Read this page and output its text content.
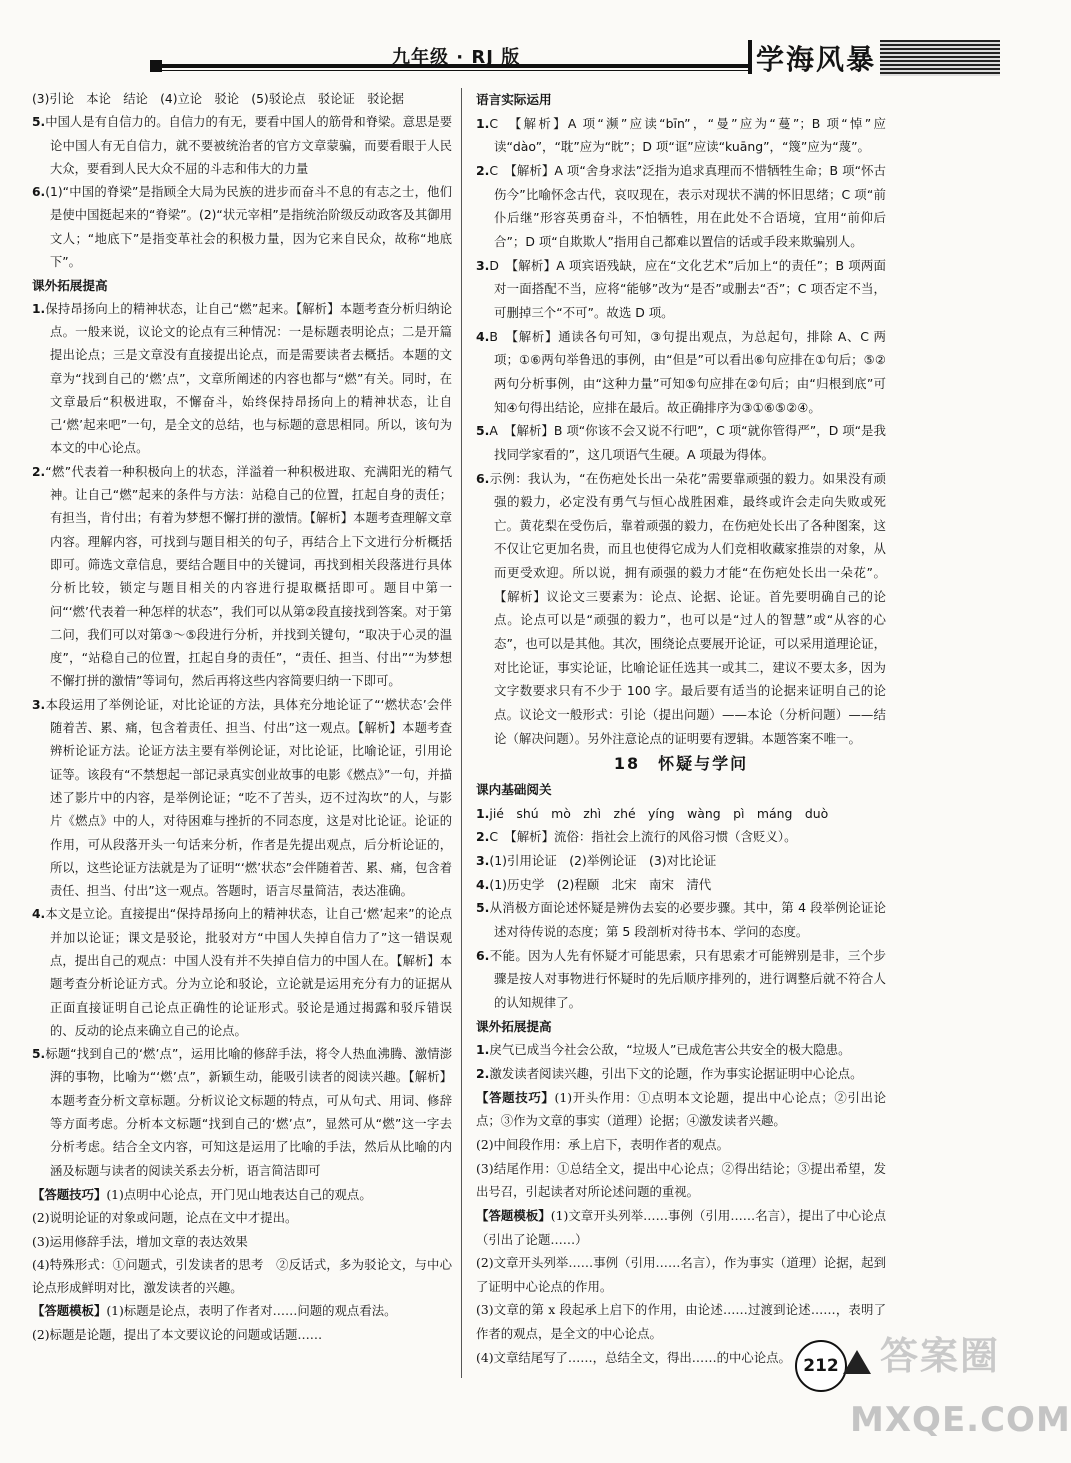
九年级 · RJ 版	学海风暴

(3)引论　本论　结论　(4)立论　驳论　(5)驳论点　驳论证　驳论据

5.中国人是有自信力的。自信力的有无，要看中国人的筋骨和脊梁。意思是要论中国人有无自信力，就不要被统治者的官方文章蒙骗，而要看眼于人民大众，要看到人民大众不屈的斗志和伟大的力量

6.(1)“中国的脊梁”是指顾全大局为民族的进步而奋斗不息的有志之士，他们是使中国挺起来的“脊梁”。(2)“状元宰相”是指统治阶级反动政客及其御用文人；“地底下”是指变革社会的积极力量，因为它来自民众，故称“地底下”。

课外拓展提高

1.保持昂扬向上的精神状态，让自己“燃”起来。【解析】本题考查分析归纳论点。一般来说，议论文的论点有三种情况：一是标题表明论点；二是开篇提出论点；三是文章没有直接提出论点，而是需要读者去概括。本题的文章为“找到自己的‘燃’点”，文章所阐述的内容也都与“燃”有关。同时，在文章最后“积极进取，不懈奋斗，始终保持昂扬向上的精神状态，让自己‘燃’起来吧”一句，是全文的总结，也与标题的意思相同。所以，该句为本文的中心论点。

2.“燃”代表着一种积极向上的状态，洋溢着一种积极进取、充满阳光的精气神。让自己“燃”起来的条件与方法：站稳自己的位置，扛起自身的责任；有担当，肯付出；有着为梦想不懈打拼的激情。【解析】本题考查理解文章内容。理解内容，可找到与题目相关的句子，再结合上下文进行分析概括即可。筛选文章信息，要结合题目中的关键词，再找到相关段落进行具体分析比较，锁定与题目相关的内容进行提取概括即可。题目中第一问“‘燃’代表着一种怎样的状态”，我们可以从第②段直接找到答案。对于第二问，我们可以对第③～⑤段进行分析，并找到关键句，“取决于心灵的温度”，“站稳自己的位置，扛起自身的责任”，“责任、担当、付出”“为梦想不懈打拼的激情”等词句，然后再将这些内容简要归纳一下即可。

3.本段运用了举例论证，对比论证的方法，具体充分地论证了“‘燃状态’会伴随着苦、累、痛，包含着责任、担当、付出”这一观点。【解析】本题考查辨析论证方法。论证方法主要有举例论证，对比论证，比喻论证，引用论证等。该段有“不禁想起一部记录真实创业故事的电影《燃点》”一句，并描述了影片中的内容，是举例论证；“吃不了苦头，迈不过沟坎”的人，与影片《燃点》中的人，对待困难与挫折的不同态度，这是对比论证。论证的作用，可从段落开头一句话来分析，作者是先提出观点，后分析论证的，所以，这些论证方法就是为了证明“‘燃’状态”会伴随着苦、累、痛，包含着责任、担当、付出”这一观点。答题时，语言尽量简洁，表达准确。

4.本文是立论。直接提出“保持昂扬向上的精神状态，让自己‘燃’起来”的论点并加以论证；课文是驳论，批驳对方“中国人失掉自信力了”这一错误观点，提出自己的观点：中国人没有并不失掉自信力的中国人在。【解析】本题考查分析论证方式。分为立论和驳论，立论就是运用充分有力的证据从正面直接证明自己论点正确性的论证形式。驳论是通过揭露和驳斥错误的、反动的论点来确立自己的论点。

5.标题“找到自己的‘燃’点”，运用比喻的修辞手法，将令人热血沸腾、激情澎湃的事物，比喻为“‘燃’点”，新颖生动，能吸引读者的阅读兴趣。【解析】本题考查分析文章标题。分析议论文标题的特点，可从句式、用词、修辞等方面考虑。分析本文标题“找到自己的‘燃’点”，显然可从“燃”这一字去分析考虑。结合全文内容，可知这是运用了比喻的手法，然后从比喻的内涵及标题与读者的阅读关系去分析，语言简洁即可

【答题技巧】(1)点明中心论点，开门见山地表达自己的观点。

(2)说明论证的对象或问题，论点在文中才提出。

(3)运用修辞手法，增加文章的表达效果

(4)特殊形式：①问题式，引发读者的思考　②反话式，多为驳论文，与中心论点形成鲜明对比，激发读者的兴趣。

【答题模板】(1)标题是论点，表明了作者对……问题的观点看法。

(2)标题是论题，提出了本文要议论的问题或话题……

语言实际运用

1.C　【解析】A 项“濒”应读“bīn”，“曼”应为“蔓”；B 项“悼”应读“dào”，“耽”应为“眈”；D 项“诓”应读“kuāng”，“篾”应为“蔑”。

2.C　【解析】A 项“舍身求法”泛指为追求真理而不惜牺牲生命；B 项“怀古伤今”比喻怀念古代，哀叹现在，表示对现状不满的怀旧思绪；C 项“前仆后继”形容英勇奋斗，不怕牺牲，用在此处不合语境，宜用“前仰后合”；D 项“自欺欺人”指用自己都难以置信的话或手段来欺骗别人。

3.D　【解析】A 项宾语残缺，应在“文化艺术”后加上“的责任”；B 项两面对一面搭配不当，应将“能够”改为“是否”或删去“否”；C 项否定不当，可删掉三个“不可”。故选 D 项。

4.B　【解析】通读各句可知，③句提出观点，为总起句，排除 A、C 两项；①⑥两句举鲁迅的事例，由“但是”可以看出⑥句应排在①句后；⑤②两句分析事例，由“这种力量”可知⑤句应排在②句后；由“归根到底”可知④句得出结论，应排在最后。故正确排序为③①⑥⑤②④。

5.A　【解析】B 项“你该不会又说不行吧”，C 项“就你管得严”，D 项“是我找同学家看的”，这几项语气生硬。A 项最为得体。

6.示例：我认为，“在伤疤处长出一朵花”需要靠顽强的毅力。如果没有顽强的毅力，必定没有勇气与恒心战胜困难，最终或许会走向失败或死亡。黄花梨在受伤后，靠着顽强的毅力，在伤疤处长出了各种图案，这不仅让它更加名贵，而且也使得它成为人们竞相收藏家推崇的对象，从而更受欢迎。所以说，拥有顽强的毅力才能“在伤疤处长出一朵花”。【解析】议论文三要素为：论点、论据、论证。首先要明确自己的论点。论点可以是“顽强的毅力”，也可以是“过人的智慧”或“从容的心态”，也可以是其他。其次，围绕论点要展开论证，可以采用道理论证，对比论证，事实论证，比喻论证任选其一或其二，建议不要太多，因为文字数要求只有不少于 100 字。最后要有适当的论据来证明自己的论点。议论文一般形式：引论（提出问题）——本论（分析问题）——结论（解决问题）。另外注意论点的证明要有逻辑。本题答案不唯一。

18　 怀疑与学问

课内基础阅关

1.jié　shú　mò　zhì　zhé　yíng　wàng　pì　máng　duò

2.C　【解析】流俗：指社会上流行的风俗习惯（含贬义）。

3.(1)引用论证　(2)举例论证　(3)对比论证

4.(1)历史学　(2)程颐　北宋　南宋　清代

5.从消极方面论述怀疑是辨伪去妄的必要步骤。其中，第 4 段举例论证论述对待传说的态度；第 5 段剖析对待书本、学问的态度。

6.不能。因为人先有怀疑才可能思索，只有思索才可能辨别是非，三个步骤是按人对事物进行怀疑时的先后顺序排列的，进行调整后就不符合人的认知规律了。

课外拓展提高

1.戾气已成当今社会公敌，“垃圾人”已成危害公共安全的极大隐患。

2.激发读者阅读兴趣，引出下文的论题，作为事实论据证明中心论点。

【答题技巧】(1)开头作用：①点明本文论题，提出中心论点；②引出论点；③作为文章的事实（道理）论据；④激发读者兴趣。

(2)中间段作用：承上启下，表明作者的观点。

(3)结尾作用：①总结全文，提出中心论点；②得出结论；③提出希望，发出号召，引起读者对所论述问题的重视。

【答题模板】(1)文章开头列举……事例（引用……名言），提出了中心论点（引出了论题……）

(2)文章开头列举……事例（引用……名言），作为事实（道理）论据，起到了证明中心论点的作用。

(3)文章的第 x 段起承上启下的作用，由论述……过渡到论述……，表明了作者的观点，是全文的中心论点。

(4)文章结尾写了……，总结全文，得出……的中心论点。 212 答案圈
MXQE.COM
